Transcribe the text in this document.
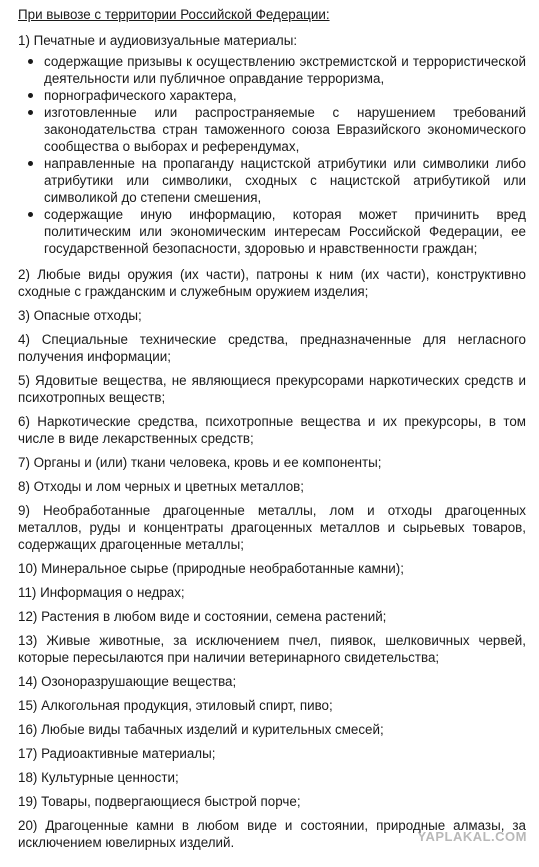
При вывозе с территории Российской Федерации:

1) Печатные и аудиовизуальные материалы:

содержащие призывы к осуществлению экстремистской и террористической деятельности или публичное оправдание терроризма,
порнографического характера,
изготовленные или распространяемые с нарушением требований законодательства стран таможенного союза Евразийского экономического сообщества о выборах и референдумах,
направленные на пропаганду нацистской атрибутики или символики либо атрибутики или символики, сходных с нацистской атрибутикой или символикой до степени смешения,
содержащие иную информацию, которая может причинить вред политическим или экономическим интересам Российской Федерации, ее государственной безопасности, здоровью и нравственности граждан;

2) Любые виды оружия (их части), патроны к ним (их части), конструктивно сходные с гражданским и служебным оружием изделия;

3) Опасные отходы;

4) Специальные технические средства, предназначенные для негласного получения информации;

5) Ядовитые вещества, не являющиеся прекурсорами наркотических средств и психотропных веществ;

6) Наркотические средства, психотропные вещества и их прекурсоры, в том числе в виде лекарственных средств;

7) Органы и (или) ткани человека, кровь и ее компоненты;

8) Отходы и лом черных и цветных металлов;

9) Необработанные драгоценные металлы, лом и отходы драгоценных металлов, руды и концентраты драгоценных металлов и сырьевых товаров, содержащих драгоценные металлы;

10) Минеральное сырье (природные необработанные камни);

11) Информация о недрах;

12) Растения в любом виде и состоянии, семена растений;

13) Живые животные, за исключением пчел, пиявок, шелковичных червей, которые пересылаются при наличии ветеринарного свидетельства;

14) Озоноразрушающие вещества;

15) Алкогольная продукция, этиловый спирт, пиво;

16) Любые виды табачных изделий и курительных смесей;

17) Радиоактивные материалы;

18) Культурные ценности;

19) Товары, подвергающиеся быстрой порче;

20) Драгоценные камни в любом виде и состоянии, природные алмазы, за исключением ювелирных изделий.	YAPLAKAL.COM
